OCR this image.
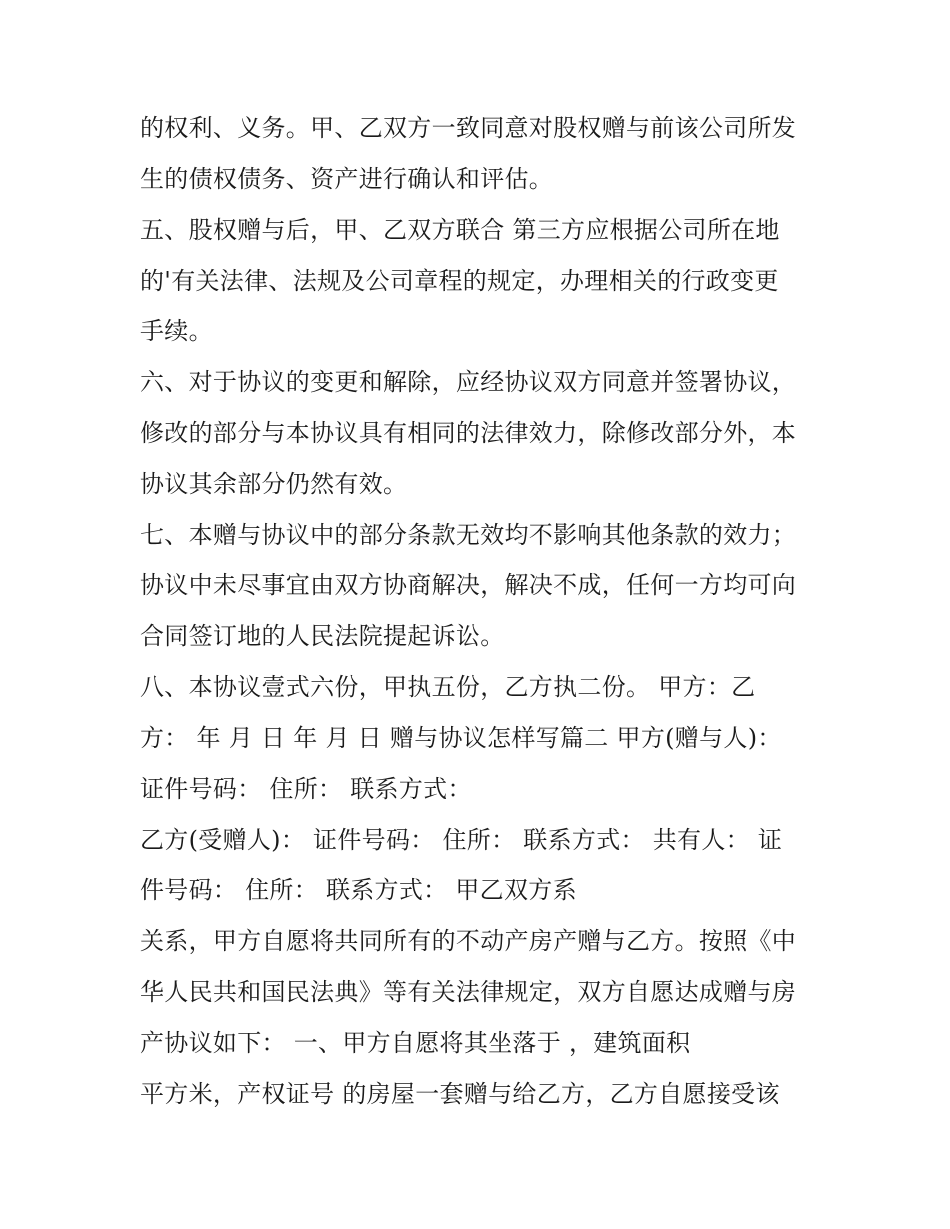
的权利、义务。甲、乙双方一致同意对股权赠与前该公司所发
生的债权债务、资产进行确认和评估。
五、股权赠与后，甲、乙双方联合 第三方应根据公司所在地
的'有关法律、法规及公司章程的规定，办理相关的行政变更
手续。
六、对于协议的变更和解除，应经协议双方同意并签署协议，
修改的部分与本协议具有相同的法律效力，除修改部分外，本
协议其余部分仍然有效。
七、本赠与协议中的部分条款无效均不影响其他条款的效力；
协议中未尽事宜由双方协商解决，解决不成，任何一方均可向
合同签订地的人民法院提起诉讼。
八、本协议壹式六份，甲执五份，乙方执二份。 甲方：乙
方： 年 月 日 年 月 日 赠与协议怎样写篇二 甲方(赠与人)：
证件号码： 住所： 联系方式：
乙方(受赠人)： 证件号码： 住所： 联系方式： 共有人： 证
件号码： 住所： 联系方式： 甲乙双方系
关系，甲方自愿将共同所有的不动产房产赠与乙方。按照《中
华人民共和国民法典》等有关法律规定，双方自愿达成赠与房
产协议如下： 一、甲方自愿将其坐落于 ，建筑面积
平方米，产权证号 的房屋一套赠与给乙方，乙方自愿接受该
